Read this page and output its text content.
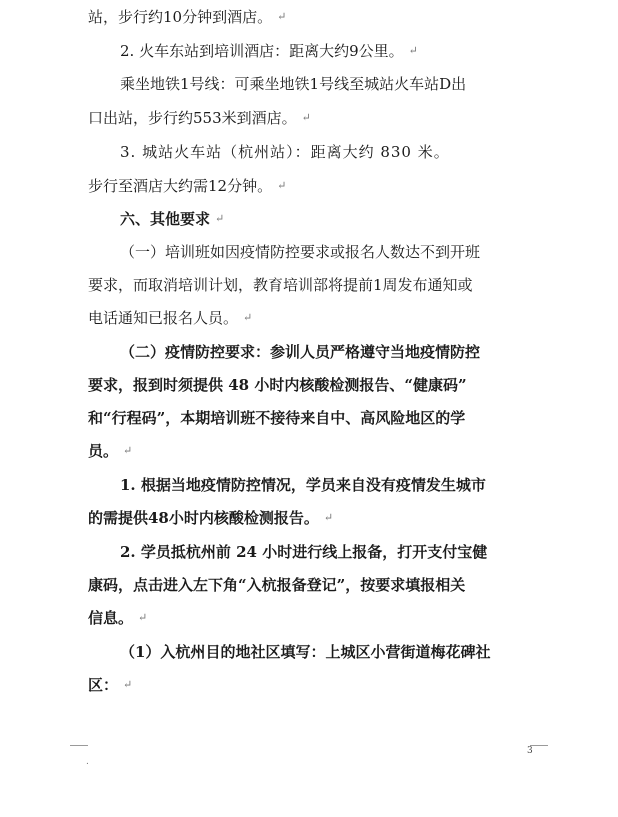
站，步行约10分钟到酒店。 ↵
2. 火车东站到培训酒店：距离大约9公里。 ↵
乘坐地铁1号线：可乘坐地铁1号线至城站火车站D出
口出站，步行约553米到酒店。 ↵
3. 城站火车站（杭州站）：距离大约 830 米。
步行至酒店大约需12分钟。 ↵
六、其他要求 ↵
（一）培训班如因疫情防控要求或报名人数达不到开班
要求，而取消培训计划，教育培训部将提前1周发布通知或
电话通知已报名人员。 ↵
（二）疫情防控要求：参训人员严格遵守当地疫情防控
要求，报到时须提供 48 小时内核酸检测报告、“健康码”
和“行程码”，本期培训班不接待来自中、高风险地区的学
员。 ↵
1. 根据当地疫情防控情况，学员来自没有疫情发生城市
的需提供48小时内核酸检测报告。 ↵
2. 学员抵杭州前 24 小时进行线上报备，打开支付宝健
康码，点击进入左下角“入杭报备登记”，按要求填报相关
信息。 ↵
（1）入杭州目的地社区填写：上城区小营街道梅花碑社
区： ↵
3
.
